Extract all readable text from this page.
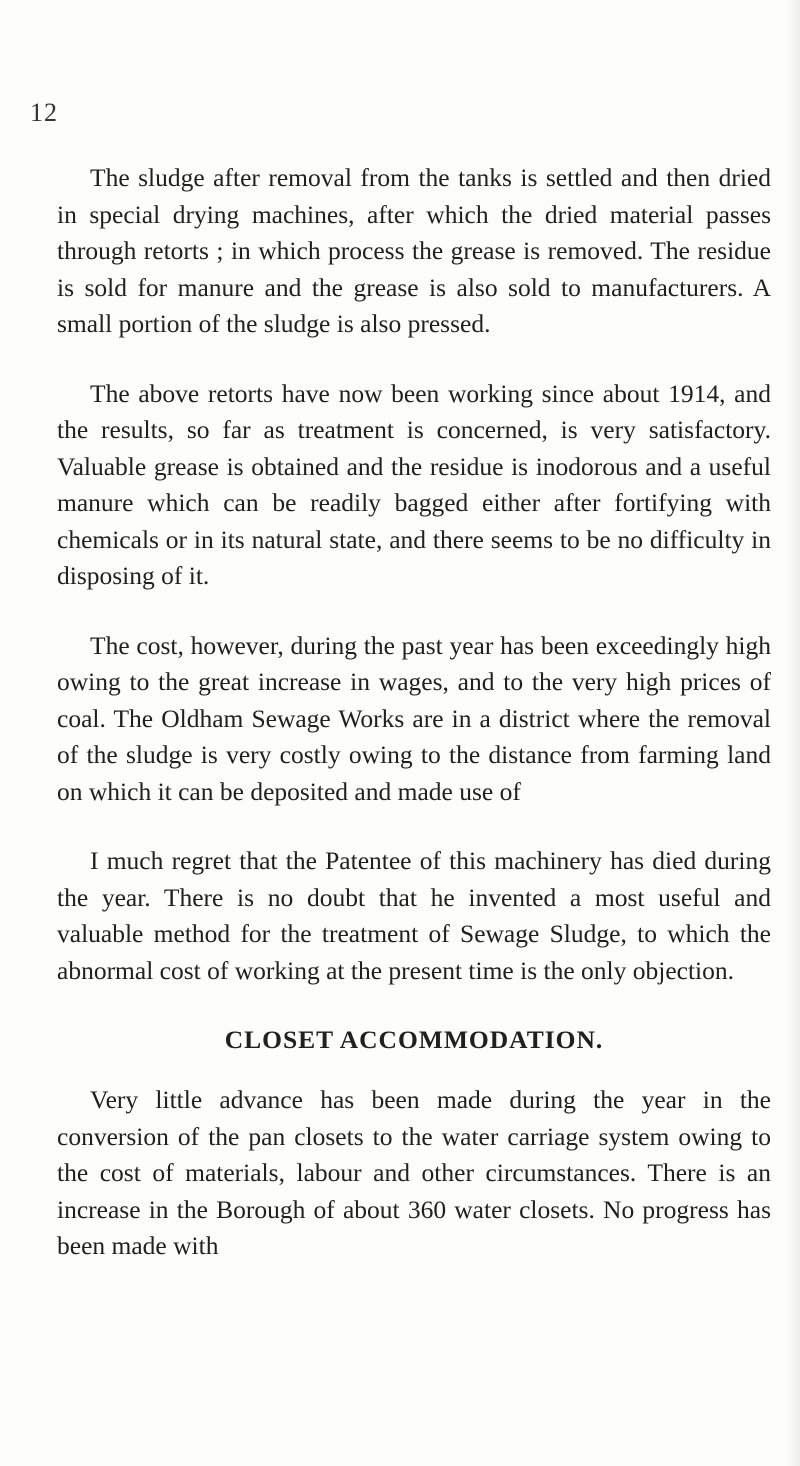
12

The sludge after removal from the tanks is settled and then dried in special drying machines, after which the dried material passes through retorts ; in which process the grease is removed. The residue is sold for manure and the grease is also sold to manufacturers. A small portion of the sludge is also pressed.

The above retorts have now been working since about 1914, and the results, so far as treatment is concerned, is very satisfactory. Valuable grease is obtained and the residue is inodorous and a useful manure which can be readily bagged either after fortifying with chemicals or in its natural state, and there seems to be no difficulty in disposing of it.

The cost, however, during the past year has been exceedingly high owing to the great increase in wages, and to the very high prices of coal. The Oldham Sewage Works are in a district where the removal of the sludge is very costly owing to the distance from farming land on which it can be deposited and made use of

I much regret that the Patentee of this machinery has died during the year. There is no doubt that he invented a most useful and valuable method for the treatment of Sewage Sludge, to which the abnormal cost of working at the present time is the only objection.

CLOSET ACCOMMODATION.

Very little advance has been made during the year in the conversion of the pan closets to the water carriage system owing to the cost of materials, labour and other circumstances. There is an increase in the Borough of about 360 water closets. No progress has been made with
